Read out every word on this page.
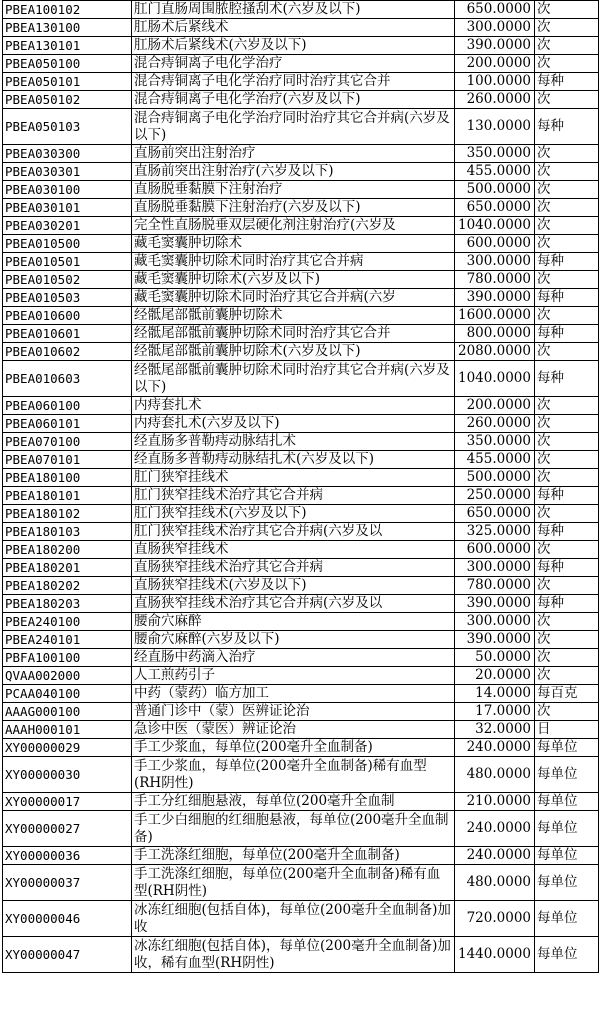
PBEA100102	肛门直肠周围脓腔搔刮术(六岁及以下)	650.0000	次
PBEA130100	肛肠术后紧线术	300.0000	次
PBEA130101	肛肠术后紧线术(六岁及以下)	390.0000	次
PBEA050100	混合痔铜离子电化学治疗	200.0000	次
PBEA050101	混合痔铜离子电化学治疗同时治疗其它合并	100.0000	每种
PBEA050102	混合痔铜离子电化学治疗(六岁及以下)	260.0000	次
PBEA050103	混合痔铜离子电化学治疗同时治疗其它合并病(六岁及以下)	130.0000	每种
PBEA030300	直肠前突出注射治疗	350.0000	次
PBEA030301	直肠前突出注射治疗(六岁及以下)	455.0000	次
PBEA030100	直肠脱垂黏膜下注射治疗	500.0000	次
PBEA030101	直肠脱垂黏膜下注射治疗(六岁及以下)	650.0000	次
PBEA030201	完全性直肠脱垂双层硬化剂注射治疗(六岁及	1040.0000	次
PBEA010500	藏毛窦囊肿切除术	600.0000	次
PBEA010501	藏毛窦囊肿切除术同时治疗其它合并病	300.0000	每种
PBEA010502	藏毛窦囊肿切除术(六岁及以下)	780.0000	次
PBEA010503	藏毛窦囊肿切除术同时治疗其它合并病(六岁	390.0000	每种
PBEA010600	经骶尾部骶前囊肿切除术	1600.0000	次
PBEA010601	经骶尾部骶前囊肿切除术同时治疗其它合并	800.0000	每种
PBEA010602	经骶尾部骶前囊肿切除术(六岁及以下)	2080.0000	次
PBEA010603	经骶尾部骶前囊肿切除术同时治疗其它合并病(六岁及以下)	1040.0000	每种
PBEA060100	内痔套扎术	200.0000	次
PBEA060101	内痔套扎术(六岁及以下)	260.0000	次
PBEA070100	经直肠多普勒痔动脉结扎术	350.0000	次
PBEA070101	经直肠多普勒痔动脉结扎术(六岁及以下)	455.0000	次
PBEA180100	肛门狭窄挂线术	500.0000	次
PBEA180101	肛门狭窄挂线术治疗其它合并病	250.0000	每种
PBEA180102	肛门狭窄挂线术(六岁及以下)	650.0000	次
PBEA180103	肛门狭窄挂线术治疗其它合并病(六岁及以	325.0000	每种
PBEA180200	直肠狭窄挂线术	600.0000	次
PBEA180201	直肠狭窄挂线术治疗其它合并病	300.0000	每种
PBEA180202	直肠狭窄挂线术(六岁及以下)	780.0000	次
PBEA180203	直肠狭窄挂线术治疗其它合并病(六岁及以	390.0000	每种
PBEA240100	腰俞穴麻醉	300.0000	次
PBEA240101	腰俞穴麻醉(六岁及以下)	390.0000	次
PBFA100100	经直肠中药滴入治疗	50.0000	次
QVAA002000	人工煎药引子	20.0000	次
PCAA040100	中药（蒙药）临方加工	14.0000	每百克
AAAG000100	普通门诊中（蒙）医辨证论治	17.0000	次
AAAH000101	急诊中医（蒙医）辨证论治	32.0000	日
XY00000029	手工少浆血，每单位(200毫升全血制备)	240.0000	每单位
XY00000030	手工少浆血，每单位(200毫升全血制备)稀有血型(RH阴性)	480.0000	每单位
XY00000017	手工分红细胞悬液，每单位(200毫升全血制	210.0000	每单位
XY00000027	手工少白细胞的红细胞悬液，每单位(200毫升全血制备)	240.0000	每单位
XY00000036	手工洗涤红细胞，每单位(200毫升全血制备)	240.0000	每单位
XY00000037	手工洗涤红细胞，每单位(200毫升全血制备)稀有血型(RH阴性)	480.0000	每单位
XY00000046	冰冻红细胞(包括自体)，每单位(200毫升全血制备)加收	720.0000	每单位
XY00000047	冰冻红细胞(包括自体)，每单位(200毫升全血制备)加收，稀有血型(RH阴性)	1440.0000	每单位
